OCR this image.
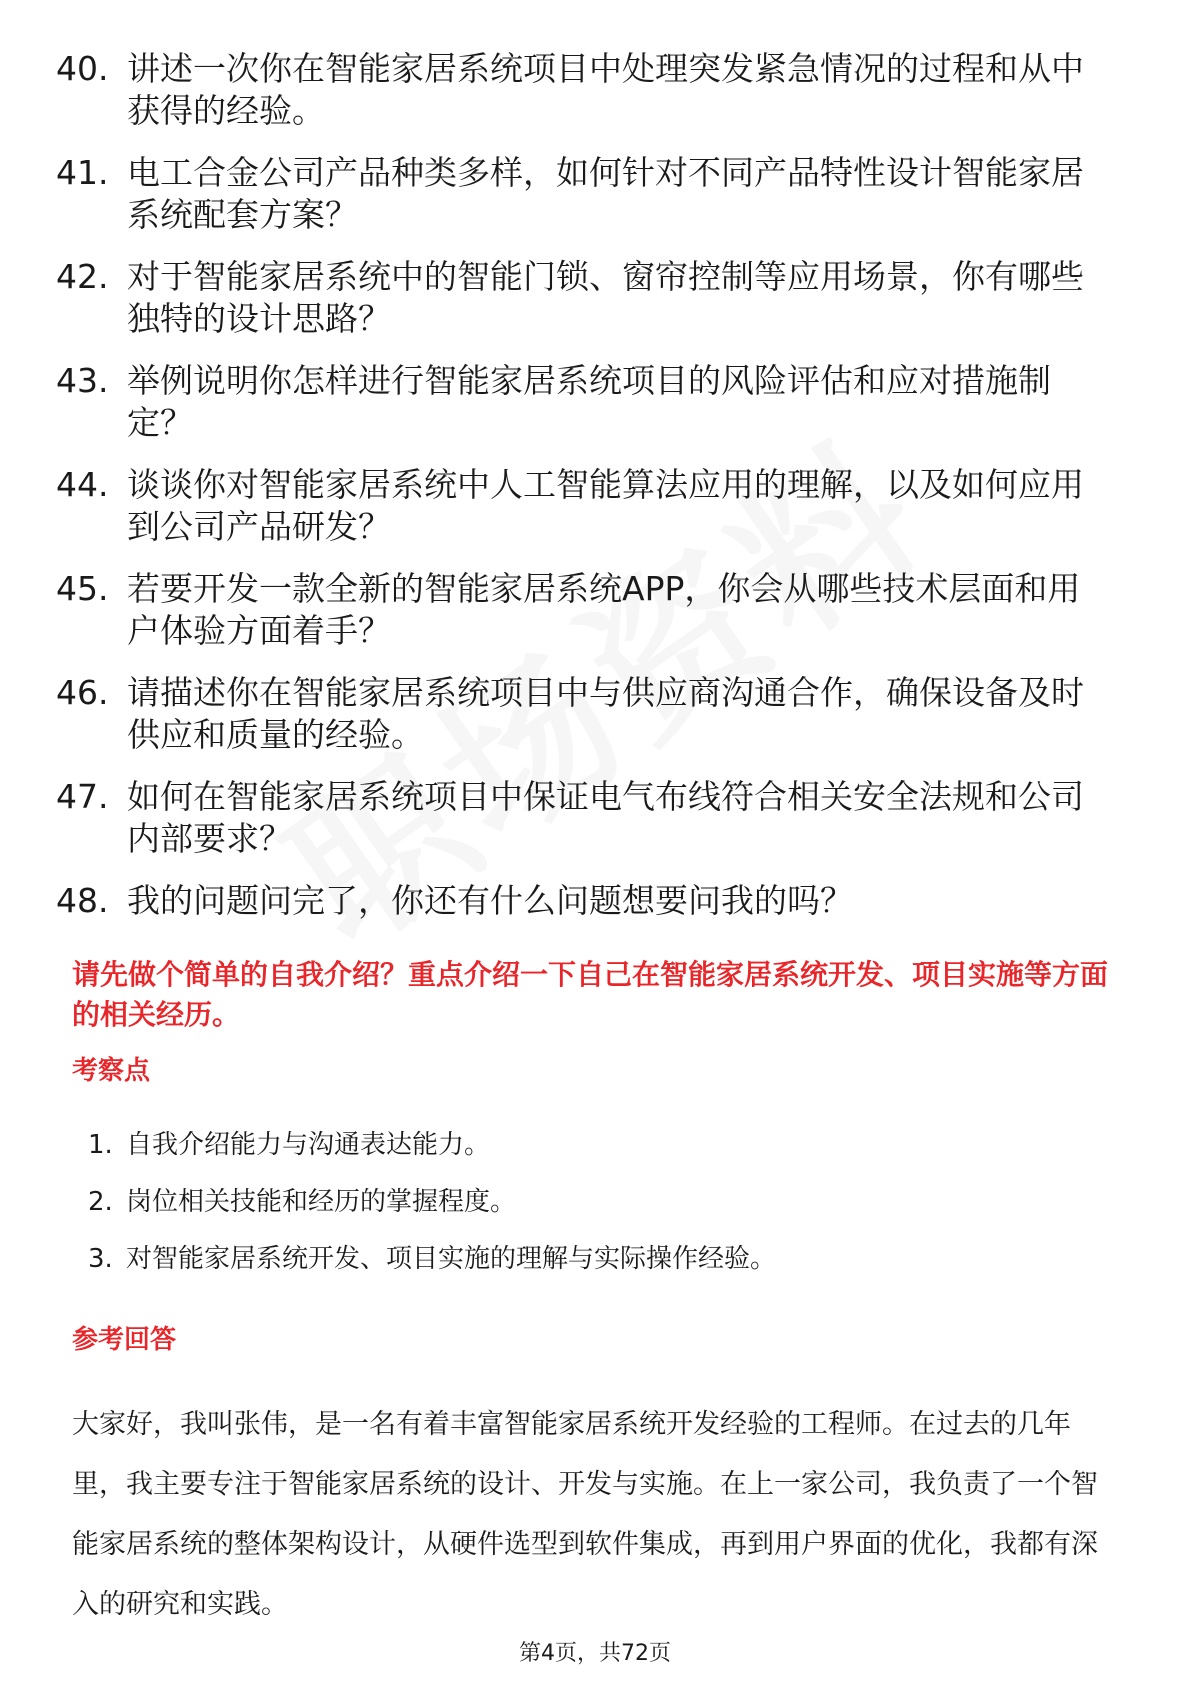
40. 讲述一次你在智能家居系统项目中处理突发紧急情况的过程和从中获得的经验。
41. 电工合金公司产品种类多样，如何针对不同产品特性设计智能家居系统配套方案？
42. 对于智能家居系统中的智能门锁、窗帘控制等应用场景，你有哪些独特的设计思路？
43. 举例说明你怎样进行智能家居系统项目的风险评估和应对措施制定？
44. 谈谈你对智能家居系统中人工智能算法应用的理解，以及如何应用到公司产品研发？
45. 若要开发一款全新的智能家居系统APP，你会从哪些技术层面和用户体验方面着手？
46. 请描述你在智能家居系统项目中与供应商沟通合作，确保设备及时供应和质量的经验。
47. 如何在智能家居系统项目中保证电气布线符合相关安全法规和公司内部要求？
48. 我的问题问完了，你还有什么问题想要问我的吗？
请先做个简单的自我介绍？重点介绍一下自己在智能家居系统开发、项目实施等方面的相关经历。
考察点
1. 自我介绍能力与沟通表达能力。
2. 岗位相关技能和经历的掌握程度。
3. 对智能家居系统开发、项目实施的理解与实际操作经验。
参考回答

大家好，我叫张伟，是一名有着丰富智能家居系统开发经验的工程师。在过去的几年里，我主要专注于智能家居系统的设计、开发与实施。在上一家公司，我负责了一个智能家居系统的整体架构设计，从硬件选型到软件集成，再到用户界面的优化，我都有深入的研究和实践。

第4页，共72页
